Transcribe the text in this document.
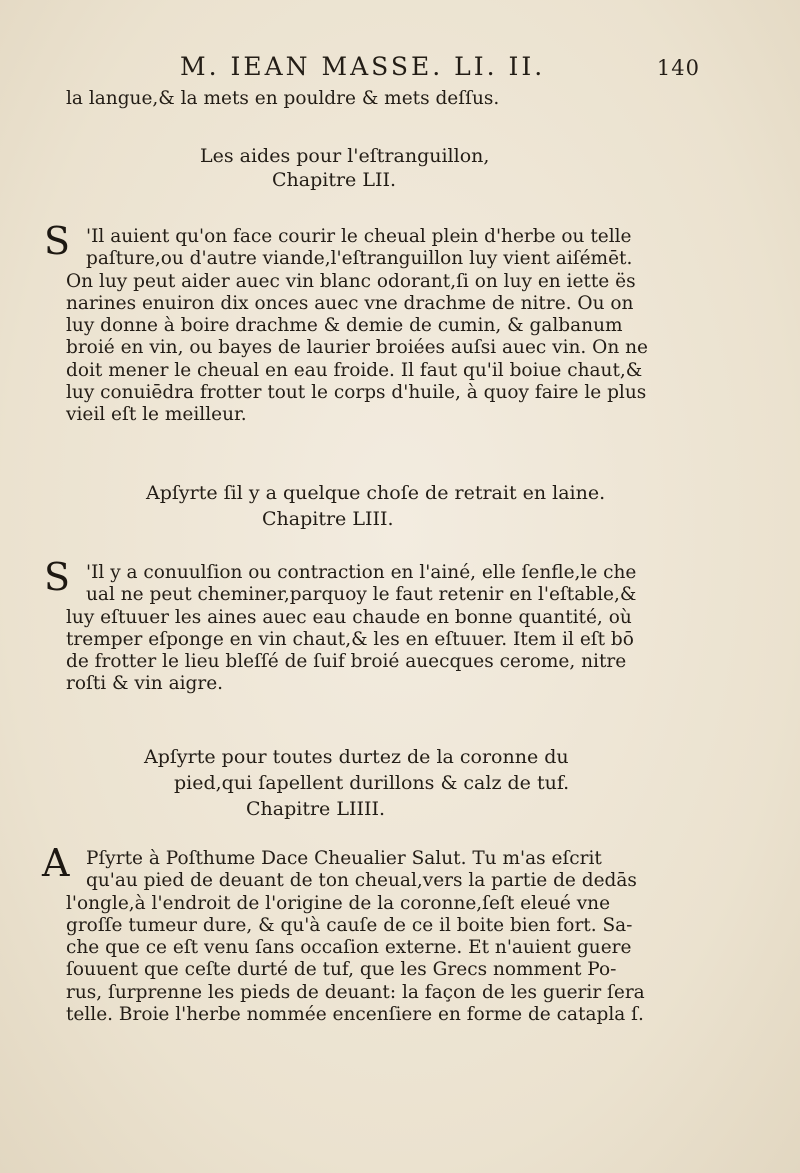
M. IEAN MASSE. LI. II.	140
la langue,& la mets en pouldre & mets deſſus.
Les aides pour l'eſtranguillon,
Chapitre LII.
S 'Il auient qu'on face courir le cheual plein d'herbe ou telle
paſture,ou d'autre viande,l'eſtranguillon luy vient aiſémēt.
On luy peut aider auec vin blanc odorant,ſi on luy en iette ës
narines enuiron dix onces auec vne drachme de nitre. Ou on
luy donne à boire drachme & demie de cumin, & galbanum
broié en vin, ou bayes de laurier broiées auſsi auec vin. On ne
doit mener le cheual en eau froide. Il faut qu'il boiue chaut,&
luy conuiēdra frotter tout le corps d'huile, à quoy faire le plus
vieil eſt le meilleur.
Apſyrte ſil y a quelque choſe de retrait en laine.
Chapitre LIII.
S 'Il y a conuulſion ou contraction en l'ainé, elle ſenfle,le che
ual ne peut cheminer,parquoy le faut retenir en l'eſtable,&
luy eſtuuer les aines auec eau chaude en bonne quantité, où
tremper eſponge en vin chaut,& les en eſtuuer. Item il eſt bō
de frotter le lieu bleſſé de ſuif broié auecques cerome, nitre
roſti & vin aigre.
Apſyrte pour toutes durtez de la coronne du
pied,qui ſapellent durillons & calz de tuf.
Chapitre LIIII.
A Pſyrte à Poſthume Dace Cheualier Salut. Tu m'as eſcrit
qu'au pied de deuant de ton cheual,vers la partie de dedās
l'ongle,à l'endroit de l'origine de la coronne,ſeſt eleué vne
groſſe tumeur dure, & qu'à cauſe de ce il boite bien fort. Sa-
che que ce eſt venu ſans occaſion externe. Et n'auient guere
ſouuent que ceſte durté de tuf, que les Grecs nomment Po-
rus, ſurprenne les pieds de deuant: la façon de les guerir ſera
telle. Broie l'herbe nommée encenſiere en forme de catapla ſ.
